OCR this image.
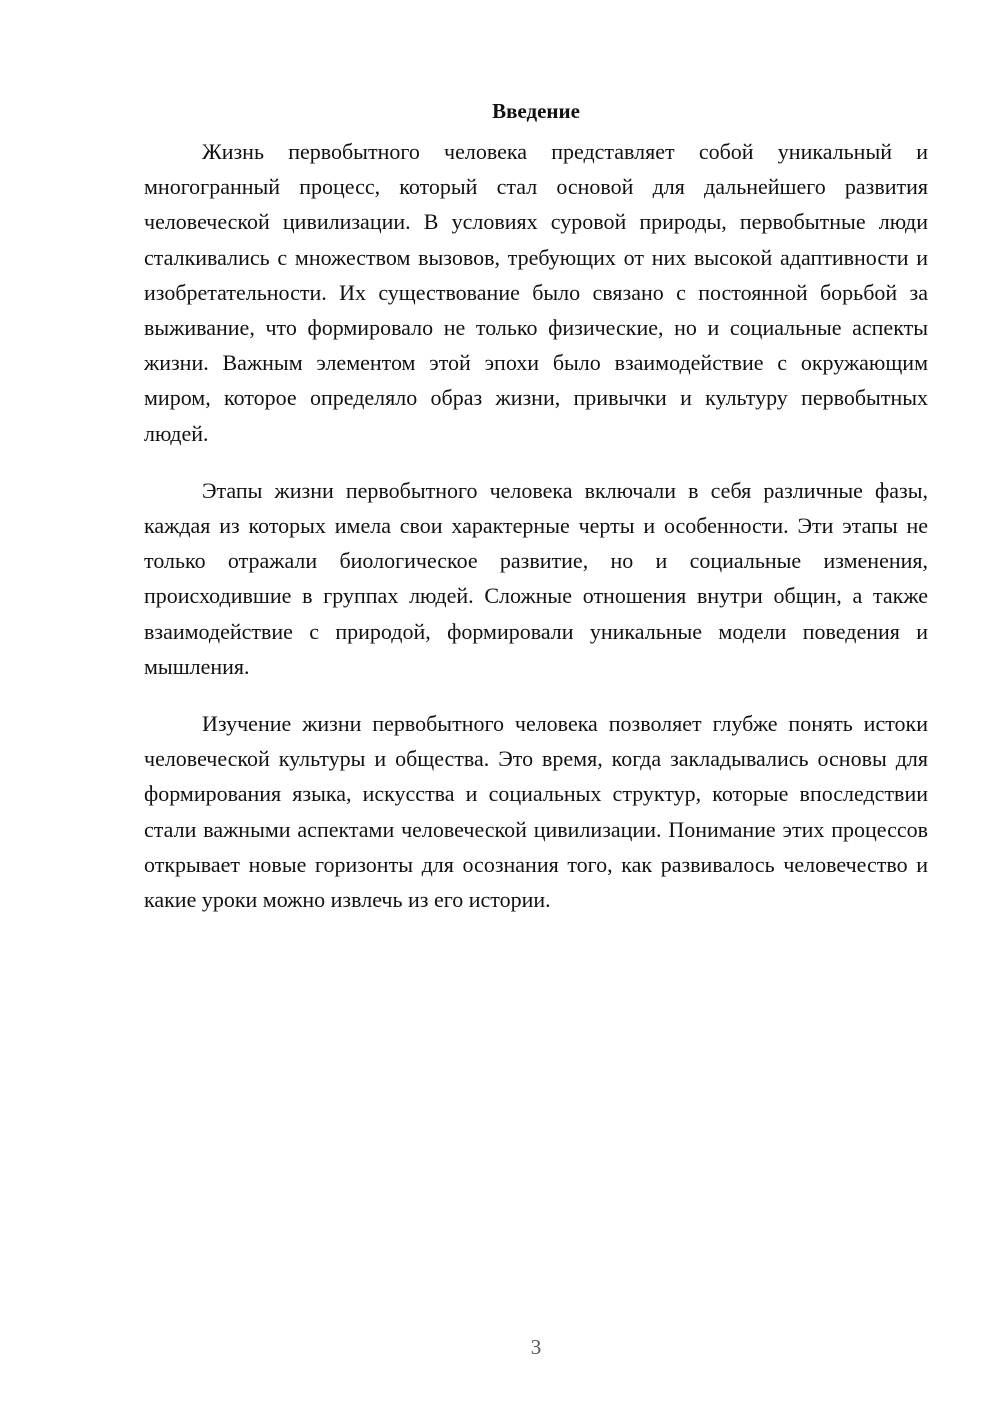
Введение

Жизнь первобытного человека представляет собой уникальный и многогранный процесс, который стал основой для дальнейшего развития человеческой цивилизации. В условиях суровой природы, первобытные люди сталкивались с множеством вызовов, требующих от них высокой адаптивности и изобретательности. Их существование было связано с постоянной борьбой за выживание, что формировало не только физические, но и социальные аспекты жизни. Важным элементом этой эпохи было взаимодействие с окружающим миром, которое определяло образ жизни, привычки и культуру первобытных людей.

Этапы жизни первобытного человека включали в себя различные фазы, каждая из которых имела свои характерные черты и особенности. Эти этапы не только отражали биологическое развитие, но и социальные изменения, происходившие в группах людей. Сложные отношения внутри общин, а также взаимодействие с природой, формировали уникальные модели поведения и мышления.

Изучение жизни первобытного человека позволяет глубже понять истоки человеческой культуры и общества. Это время, когда закладывались основы для формирования языка, искусства и социальных структур, которые впоследствии стали важными аспектами человеческой цивилизации. Понимание этих процессов открывает новые горизонты для осознания того, как развивалось человечество и какие уроки можно извлечь из его истории.

3
